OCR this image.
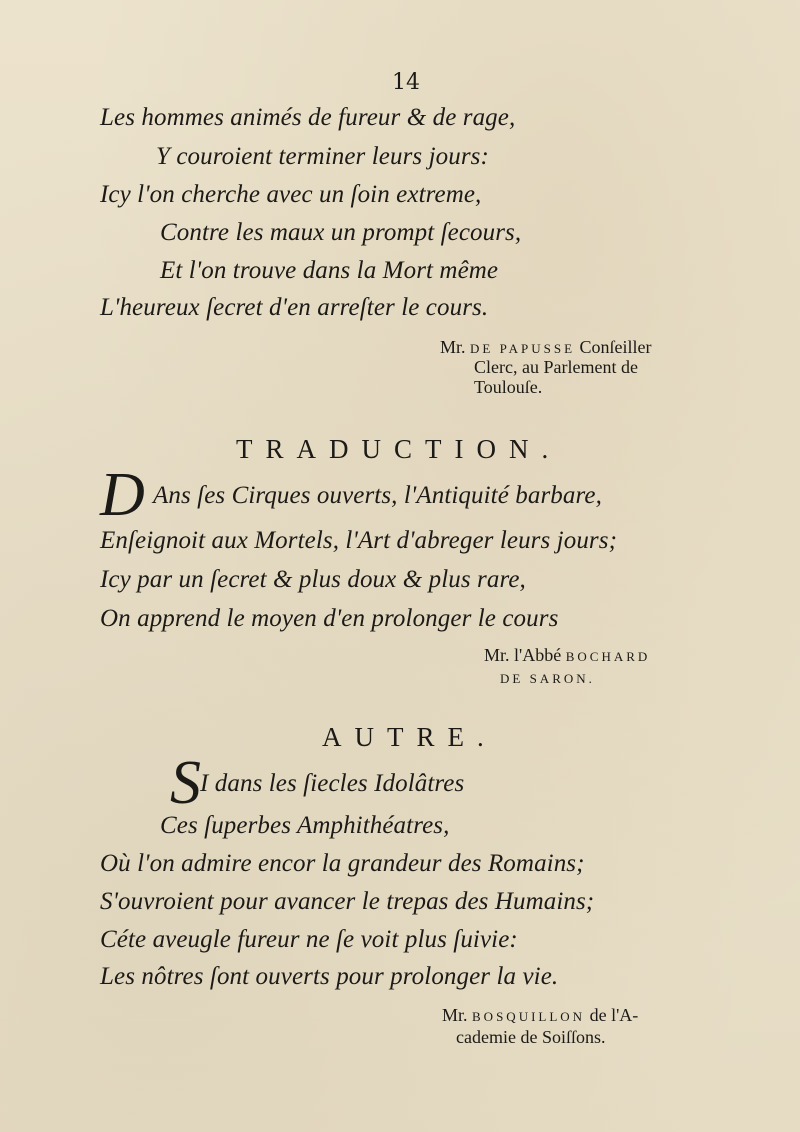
14
Les hommes animés de fureur & de rage,
Y couroient terminer leurs jours:
Icy l'on cherche avec un ſoin extreme,
Contre les maux un prompt ſecours,
Et l'on trouve dans la Mort même
L'heureux ſecret d'en arreſter le cours.
Mr. DE PAPUSSE Conſeiller
Clerc, au Parlement de
Toulouſe.
TRADUCTION.
D Ans ſes Cirques ouverts, l'Antiquité barbare,
Enſeignoit aux Mortels, l'Art d'abreger leurs jours;
Icy par un ſecret & plus doux & plus rare,
On apprend le moyen d'en prolonger le cours
Mr. l'Abbé BOCHARD
DE SARON.
AUTRE.
S I dans les ſiecles Idolâtres
Ces ſuperbes Amphithéatres,
Où l'on admire encor la grandeur des Romains;
S'ouvroient pour avancer le trepas des Humains;
Céte aveugle fureur ne ſe voit plus ſuivie:
Les nôtres ſont ouverts pour prolonger la vie.
Mr. BOSQUILLON de l'A-
cademie de Soiſſons.
